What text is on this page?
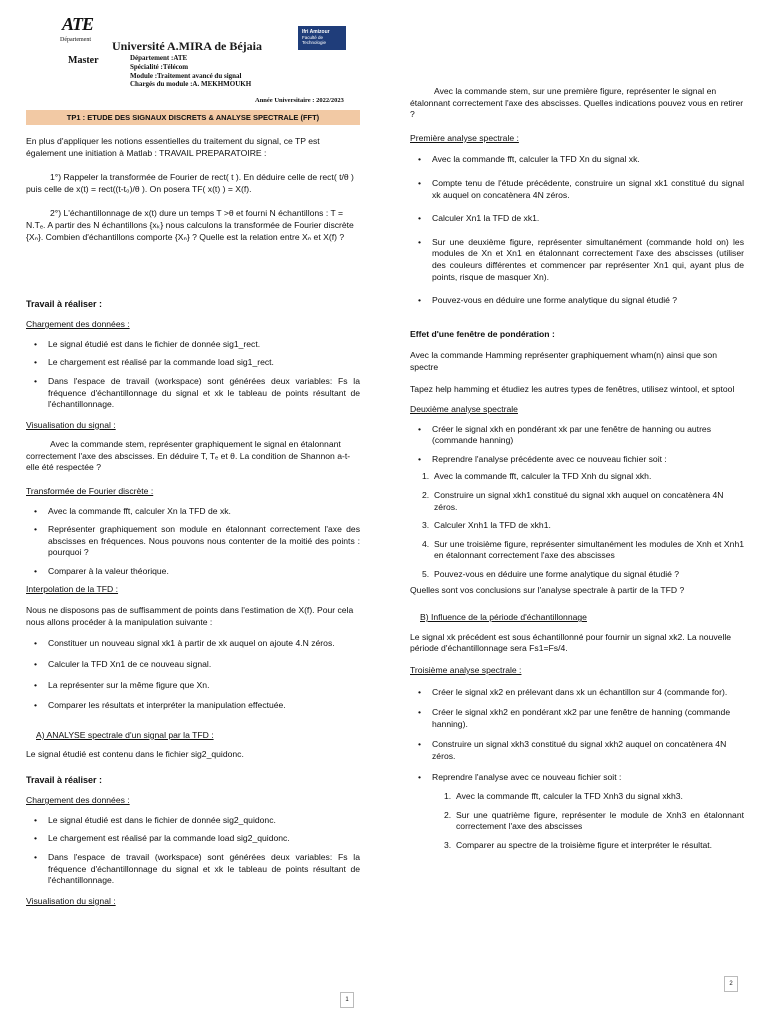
ATE
Département Université A.MIRA de Béjaia
Master	Département :ATE
Spécialité :Télécom
Module :Traitement avancé du signal
Chargés du module :A. MEKHMOUKH
Année Universitaire : 2022/2023
Ifri Amizour
Faculté de Technologie
TP1 : ETUDE DES SIGNAUX DISCRETS & ANALYSE SPECTRALE (FFT)

En plus d'appliquer les notions essentielles du traitement du signal, ce TP est également une initiation à Matlab : TRAVAIL PREPARATOIRE :

1°) Rappeler la transformée de Fourier de rect( t ). En déduire celle de rect( t/θ ) puis celle de x(t) = rect((t-t₀)/θ ). On posera TF( x(t) ) = X(f).

2°) L'échantillonnage de x(t) dure un temps T >θ et fourni N échantillons : T = N.Tₑ. A partir des N échantillons {xₖ} nous calculons la transformée de Fourier discrète {Xₙ}. Combien d'échantillons comporte {Xₙ} ? Quelle est la relation entre Xₙ et X(f) ?

Travail à réaliser :

Chargement des données :

• Le signal étudié est dans le fichier de donnée sig1_rect.
• Le chargement est réalisé par la commande load sig1_rect.
• Dans l'espace de travail (workspace) sont générées deux variables: Fs la fréquence d'échantillonnage du signal et xk le tableau de points résultant de l'échantillonnage.

Visualisation du signal :

Avec la commande stem, représenter graphiquement le signal en étalonnant correctement l'axe des abscisses. En déduire T, Tₑ et θ. La condition de Shannon a-t-elle été respectée ?

Transformée de Fourier discrète :

• Avec la commande fft, calculer Xn la TFD de xk.
• Représenter graphiquement son module en étalonnant correctement l'axe des abscisses en fréquences. Nous pouvons nous contenter de la moitié des points : pourquoi ?
• Comparer à la valeur théorique.

Interpolation de la TFD :

Nous ne disposons pas de suffisamment de points dans l'estimation de X(f). Pour cela nous allons procéder à la manipulation suivante :

• Constituer un nouveau signal xk1 à partir de xk auquel on ajoute 4.N zéros.
• Calculer la TFD Xn1 de ce nouveau signal.
• La représenter sur la même figure que Xn.
• Comparer les résultats et interpréter la manipulation effectuée.

A) ANALYSE spectrale d'un signal par la TFD :

Le signal étudié est contenu dans le fichier sig2_quidonc.

Travail à réaliser :

Chargement des données :

• Le signal étudié est dans le fichier de donnée sig2_quidonc.
• Le chargement est réalisé par la commande load sig2_quidonc.
• Dans l'espace de travail (workspace) sont générées deux variables: Fs la fréquence d'échantillonnage du signal et xk le tableau de points résultant de l'échantillonnage.

Visualisation du signal :

1

Avec la commande stem, sur une première figure, représenter le signal en étalonnant correctement l'axe des abscisses. Quelles indications pouvez vous en retirer ?

Première analyse spectrale :

• Avec la commande fft, calculer la TFD Xn du signal xk.
• Compte tenu de l'étude précédente, construire un signal xk1 constitué du signal xk auquel on concatènera 4N zéros.
• Calculer Xn1 la TFD de xk1.
• Sur une deuxième figure, représenter simultanément (commande hold on) les modules de Xn et Xn1 en étalonnant correctement l'axe des abscisses (utiliser des couleurs différentes et commencer par représenter Xn1 qui, ayant plus de points, risque de masquer Xn).
• Pouvez-vous en déduire une forme analytique du signal étudié ?

Effet d'une fenêtre de pondération :

Avec la commande Hamming représenter graphiquement wham(n) ainsi que son spectre

Tapez help hamming et étudiez les autres types de fenêtres, utilisez wintool, et sptool

Deuxième analyse spectrale

• Créer le signal xkh en pondérant xk par une fenêtre de hanning ou autres (commande hanning)
• Reprendre l'analyse précédente avec ce nouveau fichier soit :
1. Avec la commande fft, calculer la TFD Xnh du signal xkh.
2. Construire un signal xkh1 constitué du signal xkh auquel on concatènera 4N zéros.
3. Calculer Xnh1 la TFD de xkh1.
4. Sur une troisième figure, représenter simultanément les modules de Xnh et Xnh1 en étalonnant correctement l'axe des abscisses
5. Pouvez-vous en déduire une forme analytique du signal étudié ?

Quelles sont vos conclusions sur l'analyse spectrale à partir de la TFD ?

B) Influence de la période d'échantillonnage

Le signal xk précédent est sous échantillonné pour fournir un signal xk2. La nouvelle période d'échantillonnage sera Fs1=Fs/4.

Troisième analyse spectrale :

• Créer le signal xk2 en prélevant dans xk un échantillon sur 4 (commande for).
• Créer le signal xkh2 en pondérant xk2 par une fenêtre de hanning (commande hanning).
• Construire un signal xkh3 constitué du signal xkh2 auquel on concatènera 4N zéros.
• Reprendre l'analyse avec ce nouveau fichier soit :
1. Avec la commande fft, calculer la TFD Xnh3 du signal xkh3.
2. Sur une quatrième figure, représenter le module de Xnh3 en étalonnant correctement l'axe des abscisses
3. Comparer au spectre de la troisième figure et interpréter le résultat.
2
